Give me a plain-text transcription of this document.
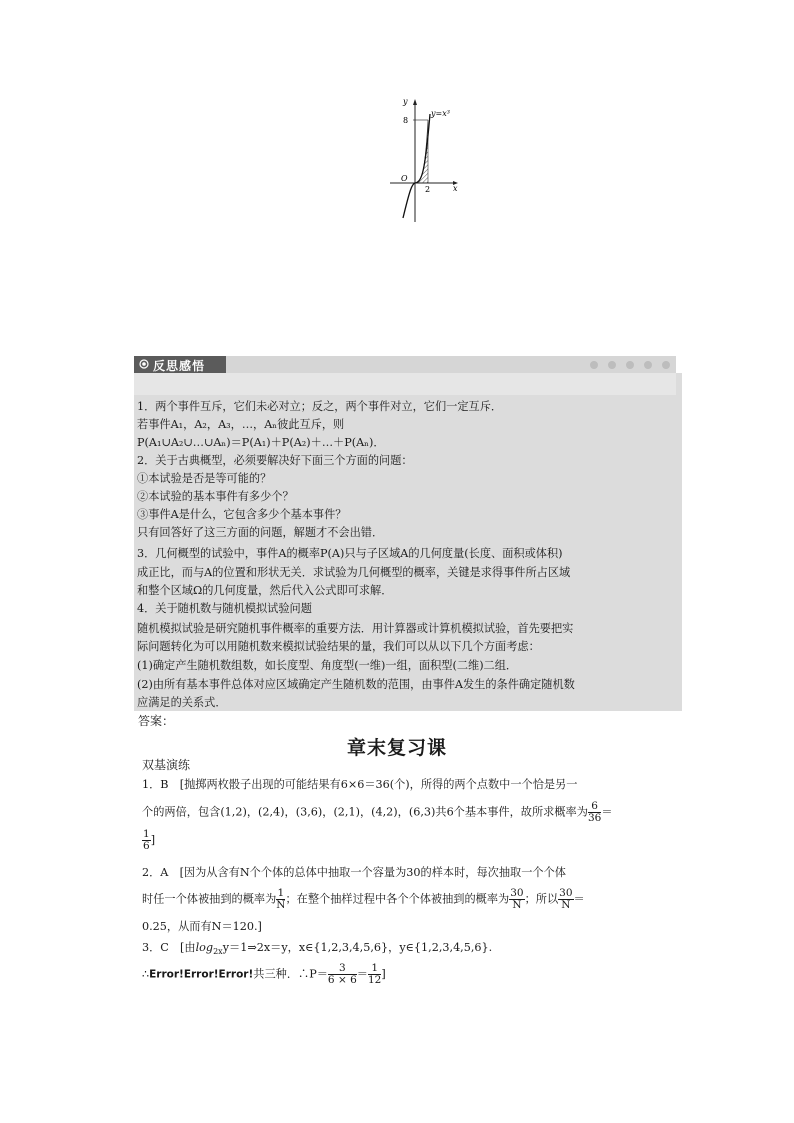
y
y=x³
8
O
2	x
反思感悟
1．两个事件互斥，它们未必对立；反之，两个事件对立，它们一定互斥．
若事件A₁，A₂，A₃，…，Aₙ彼此互斥，则
P(A₁∪A₂∪…∪Aₙ)＝P(A₁)＋P(A₂)＋…＋P(Aₙ)．
2．关于古典概型，必须要解决好下面三个方面的问题：
①本试验是否是等可能的？
②本试验的基本事件有多少个？
③事件A是什么，它包含多少个基本事件？
只有回答好了这三方面的问题，解题才不会出错．
3．几何概型的试验中，事件A的概率P(A)只与子区域A的几何度量(长度、面积或体积)
成正比，而与A的位置和形状无关．求试验为几何概型的概率，关键是求得事件所占区域
和整个区域Ω的几何度量，然后代入公式即可求解．
4．关于随机数与随机模拟试验问题
随机模拟试验是研究随机事件概率的重要方法．用计算器或计算机模拟试验，首先要把实
际问题转化为可以用随机数来模拟试验结果的量，我们可以从以下几个方面考虑：
(1)确定产生随机数组数，如长度型、角度型(一维)一组，面积型(二维)二组．
(2)由所有基本事件总体对应区域确定产生随机数的范围，由事件A发生的条件确定随机数
应满足的关系式．
答案：
章末复习课
双基演练
1．B　[抛掷两枚骰子出现的可能结果有6×6＝36(个)，所得的两个点数中一个恰是另一
个的两倍，包含(1,2)，(2,4)，(3,6)，(2,1)，(4,2)，(6,3)共6个基本事件，故所求概率为 $\frac{6}{36}$ ＝
$\frac{1}{6}$ ]
2．A　[因为从含有N个个体的总体中抽取一个容量为30的样本时，每次抽取一个个体
时任一个体被抽到的概率为 $\frac{1}{N}$ ；在整个抽样过程中各个个体被抽到的概率为 $\frac{30}{N}$ ；所以 $\frac{30}{N}$ ＝
0.25，从而有N＝120.]
3．C　[由$\log_{2x}y=1\Rightarrow 2x=y$，x∈{1,2,3,4,5,6}，y∈{1,2,3,4,5,6}.
∴Error!Error!Error!共三种．∴P＝ $\frac{3}{6 \times 6} = \frac{1}{12}$ ]
